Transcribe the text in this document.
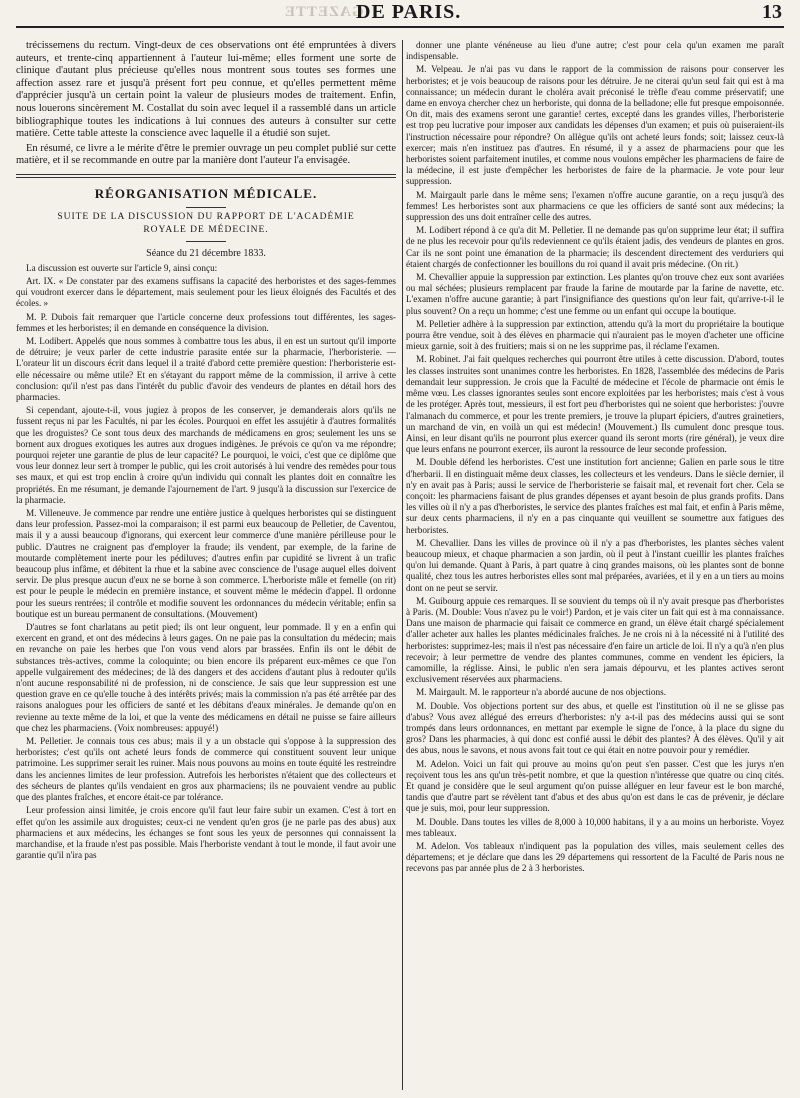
GAZETTE
DE PARIS.	13

trécissemens du rectum. Vingt-deux de ces observations ont été empruntées à divers auteurs, et trente-cinq appartiennent à l'auteur lui-même; elles forment une sorte de clinique d'autant plus précieuse qu'elles nous montrent sous toutes ses formes une affection assez rare et jusqu'à présent fort peu connue, et qu'elles permettent même d'apprécier jusqu'à un certain point la valeur de plusieurs modes de traitement. Enfin, nous louerons sincèrement M. Costallat du soin avec lequel il a rassemblé dans un article bibliographique toutes les indications à lui connues des auteurs à consulter sur cette matière. Cette table atteste la conscience avec laquelle il a étudié son sujet.

En résumé, ce livre a le mérite d'être le premier ouvrage un peu complet publié sur cette matière, et il se recommande en outre par la manière dont l'auteur l'a envisagée.

RÉORGANISATION MÉDICALE.
SUITE DE LA DISCUSSION DU RAPPORT DE L'ACADÉMIE
ROYALE DE MÉDECINE.
Séance du 21 décembre 1833.

La discussion est ouverte sur l'article 9, ainsi conçu:

Art. IX. « De constater par des examens suffisans la capacité des herboristes et des sages-femmes qui voudront exercer dans le département, mais seulement pour les lieux éloignés des Facultés et des écoles. »

M. P. Dubois fait remarquer que l'article concerne deux professions tout différentes, les sages-femmes et les herboristes; il en demande en conséquence la division.

M. Lodibert. Appelés que nous sommes à combattre tous les abus, il en est un surtout qu'il importe de détruire; je veux parler de cette industrie parasite entée sur la pharmacie, l'herboristerie. — L'orateur lit un discours écrit dans lequel il a traité d'abord cette première question: l'herboristerie est-elle nécessaire ou même utile? Et en s'étayant du rapport même de la commission, il arrive à cette conclusion: qu'il n'est pas dans l'intérêt du public d'avoir des vendeurs de plantes en détail hors des pharmacies.

Si cependant, ajoute-t-il, vous jugiez à propos de les conserver, je demanderais alors qu'ils ne fussent reçus ni par les Facultés, ni par les écoles. Pourquoi en effet les assujétir à d'autres formalités que les droguistes? Ce sont tous deux des marchands de médicamens en gros; seulement les uns se bornent aux drogues exotiques les autres aux drogues indigènes. Je prévois ce qu'on va me répondre; pourquoi rejeter une garantie de plus de leur capacité? Le pourquoi, le voici, c'est que ce diplôme que vous leur donnez leur sert à tromper le public, qui les croit autorisés à lui vendre des remèdes pour tous ses maux, et qui est trop enclin à croire qu'un individu qui connaît les plantes doit en connaître les propriétés. En me résumant, je demande l'ajournement de l'art. 9 jusqu'à la discussion sur l'exercice de la pharmacie.

M. Villeneuve. Je commence par rendre une entière justice à quelques herboristes qui se distinguent dans leur profession. Passez-moi la comparaison; il est parmi eux beaucoup de Pelletier, de Caventou, mais il y a aussi beaucoup d'ignorans, qui exercent leur commerce d'une manière périlleuse pour le public. D'autres ne craignent pas d'employer la fraude; ils vendent, par exemple, de la farine de moutarde complètement inerte pour les pédiluves; d'autres enfin par cupidité se livrent à un trafic beaucoup plus infâme, et débitent la rhue et la sabine avec conscience de l'usage auquel elles doivent servir. De plus presque aucun d'eux ne se borne à son commerce. L'herboriste mâle et femelle (on rit) est pour le peuple le médecin en première instance, et souvent même le médecin d'appel. Il ordonne pour les sueurs rentrées; il contrôle et modifie souvent les ordonnances du médecin véritable; enfin sa boutique est un bureau permanent de consultations. (Mouvement)

D'autres se font charlatans au petit pied; ils ont leur onguent, leur pommade. Il y en a enfin qui exercent en grand, et ont des médecins à leurs gages. On ne paie pas la consultation du médecin; mais en revanche on paie les herbes que l'on vous vend alors par brassées. Enfin ils ont le débit de substances très-actives, comme la coloquinte; ou bien encore ils préparent eux-mêmes ce que l'on appelle vulgairement des médecines; de là des dangers et des accidens d'autant plus à redouter qu'ils n'ont aucune responsabilité ni de profession, ni de conscience. Je sais que leur suppression est une question grave en ce qu'elle touche à des intérêts privés; mais la commission n'a pas été arrêtée par des raisons analogues pour les officiers de santé et les débitans d'eaux minérales. Je demande qu'on en revienne au texte même de la loi, et que la vente des médicamens en détail ne puisse se faire ailleurs que chez les pharmaciens. (Voix nombreuses: appuyé!)

M. Pelletier. Je connais tous ces abus; mais il y a un obstacle qui s'oppose à la suppression des herboristes; c'est qu'ils ont acheté leurs fonds de commerce qui constituent souvent leur unique patrimoine. Les supprimer serait les ruiner. Mais nous pouvons au moins en toute équité les restreindre dans les anciennes limites de leur profession. Autrefois les herboristes n'étaient que des collecteurs et des sécheurs de plantes qu'ils vendaient en gros aux pharmaciens; ils ne pouvaient vendre au public que des plantes fraîches, et encore était-ce par tolérance.

Leur profession ainsi limitée, je crois encore qu'il faut leur faire subir un examen. C'est à tort en effet qu'on les assimile aux droguistes; ceux-ci ne vendent qu'en gros (je ne parle pas des abus) aux pharmaciens et aux médecins, les échanges se font sous les yeux de personnes qui connaissent la marchandise, et la fraude n'est pas possible. Mais l'herboriste vendant à tout le monde, il faut avoir une garantie qu'il n'ira pas

donner une plante vénéneuse au lieu d'une autre; c'est pour cela qu'un examen me paraît indispensable.

M. Velpeau. Je n'ai pas vu dans le rapport de la commission de raisons pour conserver les herboristes; et je vois beaucoup de raisons pour les détruire. Je ne citerai qu'un seul fait qui est à ma connaissance; un médecin durant le choléra avait préconisé le trèfle d'eau comme préservatif; une dame en envoya chercher chez un herboriste, qui donna de la belladone; elle fut presque empoisonnée. On dit, mais des examens seront une garantie! certes, excepté dans les grandes villes, l'herboristerie est trop peu lucrative pour imposer aux candidats les dépenses d'un examen; et puis où puiseraient-ils l'instruction nécessaire pour répondre? On allègue qu'ils ont acheté leurs fonds; soit; laissez ceux-là exercer; mais n'en instituez pas d'autres. En résumé, il y a assez de pharmaciens pour que les herboristes soient parfaitement inutiles, et comme nous voulons empêcher les pharmaciens de faire de la médecine, il est juste d'empêcher les herboristes de faire de la pharmacie. Je vote pour leur suppression.

M. Mairgault parle dans le même sens; l'examen n'offre aucune garantie, on a reçu jusqu'à des femmes! Les herboristes sont aux pharmaciens ce que les officiers de santé sont aux médecins; la suppression des uns doit entraîner celle des autres.

M. Lodibert répond à ce qu'a dit M. Pelletier. Il ne demande pas qu'on supprime leur état; il suffira de ne plus les recevoir pour qu'ils redeviennent ce qu'ils étaient jadis, des vendeurs de plantes en gros. Car ils ne sont point une émanation de la pharmacie; ils descendent directement des verduriers qui étaient chargés de confectionner les bouillons du roi quand il avait pris médecine. (On rit.)

M. Chevallier appuie la suppression par extinction. Les plantes qu'on trouve chez eux sont avariées ou mal séchées; plusieurs remplacent par fraude la farine de moutarde par la farine de navette, etc. L'examen n'offre aucune garantie; à part l'insignifiance des questions qu'on leur fait, qu'arrive-t-il le plus souvent? On a reçu un homme; c'est une femme ou un enfant qui occupe la boutique.

M. Pelletier adhère à la suppression par extinction, attendu qu'à la mort du propriétaire la boutique pourra être vendue, soit à des élèves en pharmacie qui n'auraient pas le moyen d'acheter une officine mieux garnie, soit à des fruitiers; mais si on ne les supprime pas, il réclame l'examen.

M. Robinet. J'ai fait quelques recherches qui pourront être utiles à cette discussion. D'abord, toutes les classes instruites sont unanimes contre les herboristes. En 1828, l'assemblée des médecins de Paris demandait leur suppression. Je crois que la Faculté de médecine et l'école de pharmacie ont émis le même vœu. Les classes ignorantes seules sont encore exploitées par les herboristes; mais c'est à vous de les protéger. Après tout, messieurs, il est fort peu d'herboristes qui ne soient que herboristes: j'ouvre l'almanach du commerce, et pour les trente premiers, je trouve la plupart épiciers, d'autres grainetiers, un marchand de vin, en voilà un qui est médecin! (Mouvement.) Ils cumulent donc presque tous. Ainsi, en leur disant qu'ils ne pourront plus exercer quand ils seront morts (rire général), je veux dire que leurs enfans ne pourront exercer, ils auront la ressource de leur seconde profession.

M. Double défend les herboristes. C'est une institution fort ancienne; Galien en parle sous le titre d'herbarii. Il en distinguait même deux classes, les collecteurs et les vendeurs. Dans le siècle dernier, il n'y en avait pas à Paris; aussi le service de l'herboristerie se faisait mal, et revenait fort cher. Cela se conçoit: les pharmaciens faisant de plus grandes dépenses et ayant besoin de plus grands profits. Dans les villes où il n'y a pas d'herboristes, le service des plantes fraîches est mal fait, et enfin à Paris même, sur deux cents pharmaciens, il n'y en a pas cinquante qui veuillent se soumettre aux fatigues des herboristes.

M. Chevallier. Dans les villes de province où il n'y a pas d'herboristes, les plantes sèches valent beaucoup mieux, et chaque pharmacien a son jardin, où il peut à l'instant cueillir les plantes fraîches qu'on lui demande. Quant à Paris, à part quatre à cinq grandes maisons, où les plantes sont de bonne qualité, chez tous les autres herboristes elles sont mal préparées, avariées, et il y en a un tiers au moins dont on ne peut se servir.

M. Guibourg appuie ces remarques. Il se souvient du temps où il n'y avait presque pas d'herboristes à Paris. (M. Double: Vous n'avez pu le voir!) Pardon, et je vais citer un fait qui est à ma connaissance. Dans une maison de pharmacie qui faisait ce commerce en grand, un élève était chargé spécialement d'aller acheter aux halles les plantes médicinales fraîches. Je ne crois ni à la nécessité ni à l'utilité des herboristes: supprimez-les; mais il n'est pas nécessaire d'en faire un article de loi. Il n'y a qu'à n'en plus recevoir; à leur permettre de vendre des plantes communes, comme en vendent les épiciers, la camomille, la réglisse. Ainsi, le public n'en sera jamais dépourvu, et les plantes actives seront exclusivement réservées aux pharmaciens.

M. Mairgault. M. le rapporteur n'a abordé aucune de nos objections.

M. Double. Vos objections portent sur des abus, et quelle est l'institution où il ne se glisse pas d'abus? Vous avez allégué des erreurs d'herboristes: n'y a-t-il pas des médecins aussi qui se sont trompés dans leurs ordonnances, en mettant par exemple le signe de l'once, à la place du signe du gros? Dans les pharmacies, à qui donc est confié aussi le débit des plantes? À des élèves. Qu'il y ait des abus, nous le savons, et nous avons fait tout ce qui était en notre pouvoir pour y remédier.

M. Adelon. Voici un fait qui prouve au moins qu'on peut s'en passer. C'est que les jurys n'en reçoivent tous les ans qu'un très-petit nombre, et que la question n'intéresse que quatre ou cinq cités. Et quand je considère que le seul argument qu'on puisse alléguer en leur faveur est le bon marché, tandis que d'autre part se révèlent tant d'abus et des abus qu'on est dans le cas de prévenir, je déclare que je suis, moi, pour leur suppression.

M. Double. Dans toutes les villes de 8,000 à 10,000 habitans, il y a au moins un herboriste. Voyez mes tableaux.

M. Adelon. Vos tableaux n'indiquent pas la population des villes, mais seulement celles des départemens; et je déclare que dans les 29 départemens qui ressortent de la Faculté de Paris nous ne recevons pas par année plus de 2 à 3 herboristes.
